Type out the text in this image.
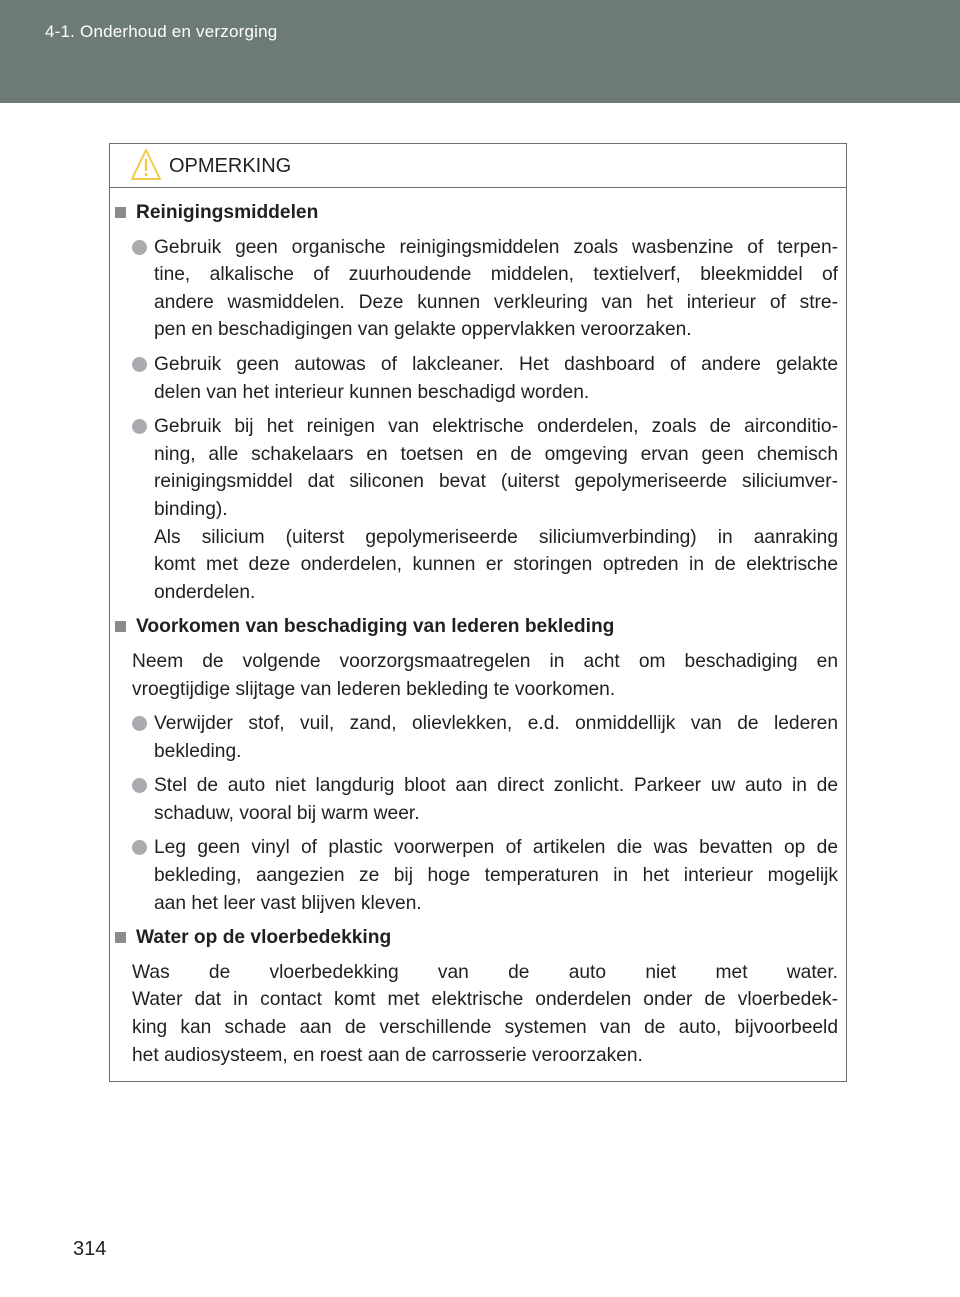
4-1. Onderhoud en verzorging
OPMERKING
Reinigingsmiddelen
Gebruik geen organische reinigingsmiddelen zoals wasbenzine of terpen-
tine, alkalische of zuurhoudende middelen, textielverf, bleekmiddel of
andere wasmiddelen. Deze kunnen verkleuring van het interieur of stre-
pen en beschadigingen van gelakte oppervlakken veroorzaken.
Gebruik geen autowas of lakcleaner. Het dashboard of andere gelakte
delen van het interieur kunnen beschadigd worden.
Gebruik bij het reinigen van elektrische onderdelen, zoals de airconditio-
ning, alle schakelaars en toetsen en de omgeving ervan geen chemisch
reinigingsmiddel dat siliconen bevat (uiterst gepolymeriseerde siliciumver-
binding).
Als silicium (uiterst gepolymeriseerde siliciumverbinding) in aanraking
komt met deze onderdelen, kunnen er storingen optreden in de elektrische
onderdelen.
Voorkomen van beschadiging van lederen bekleding
Neem de volgende voorzorgsmaatregelen in acht om beschadiging en
vroegtijdige slijtage van lederen bekleding te voorkomen.
Verwijder stof, vuil, zand, olievlekken, e.d. onmiddellijk van de lederen
bekleding.
Stel de auto niet langdurig bloot aan direct zonlicht. Parkeer uw auto in de
schaduw, vooral bij warm weer.
Leg geen vinyl of plastic voorwerpen of artikelen die was bevatten op de
bekleding, aangezien ze bij hoge temperaturen in het interieur mogelijk
aan het leer vast blijven kleven.
Water op de vloerbedekking
Was de vloerbedekking van de auto niet met water.
Water dat in contact komt met elektrische onderdelen onder de vloerbedek-
king kan schade aan de verschillende systemen van de auto, bijvoorbeeld
het audiosysteem, en roest aan de carrosserie veroorzaken.
314
